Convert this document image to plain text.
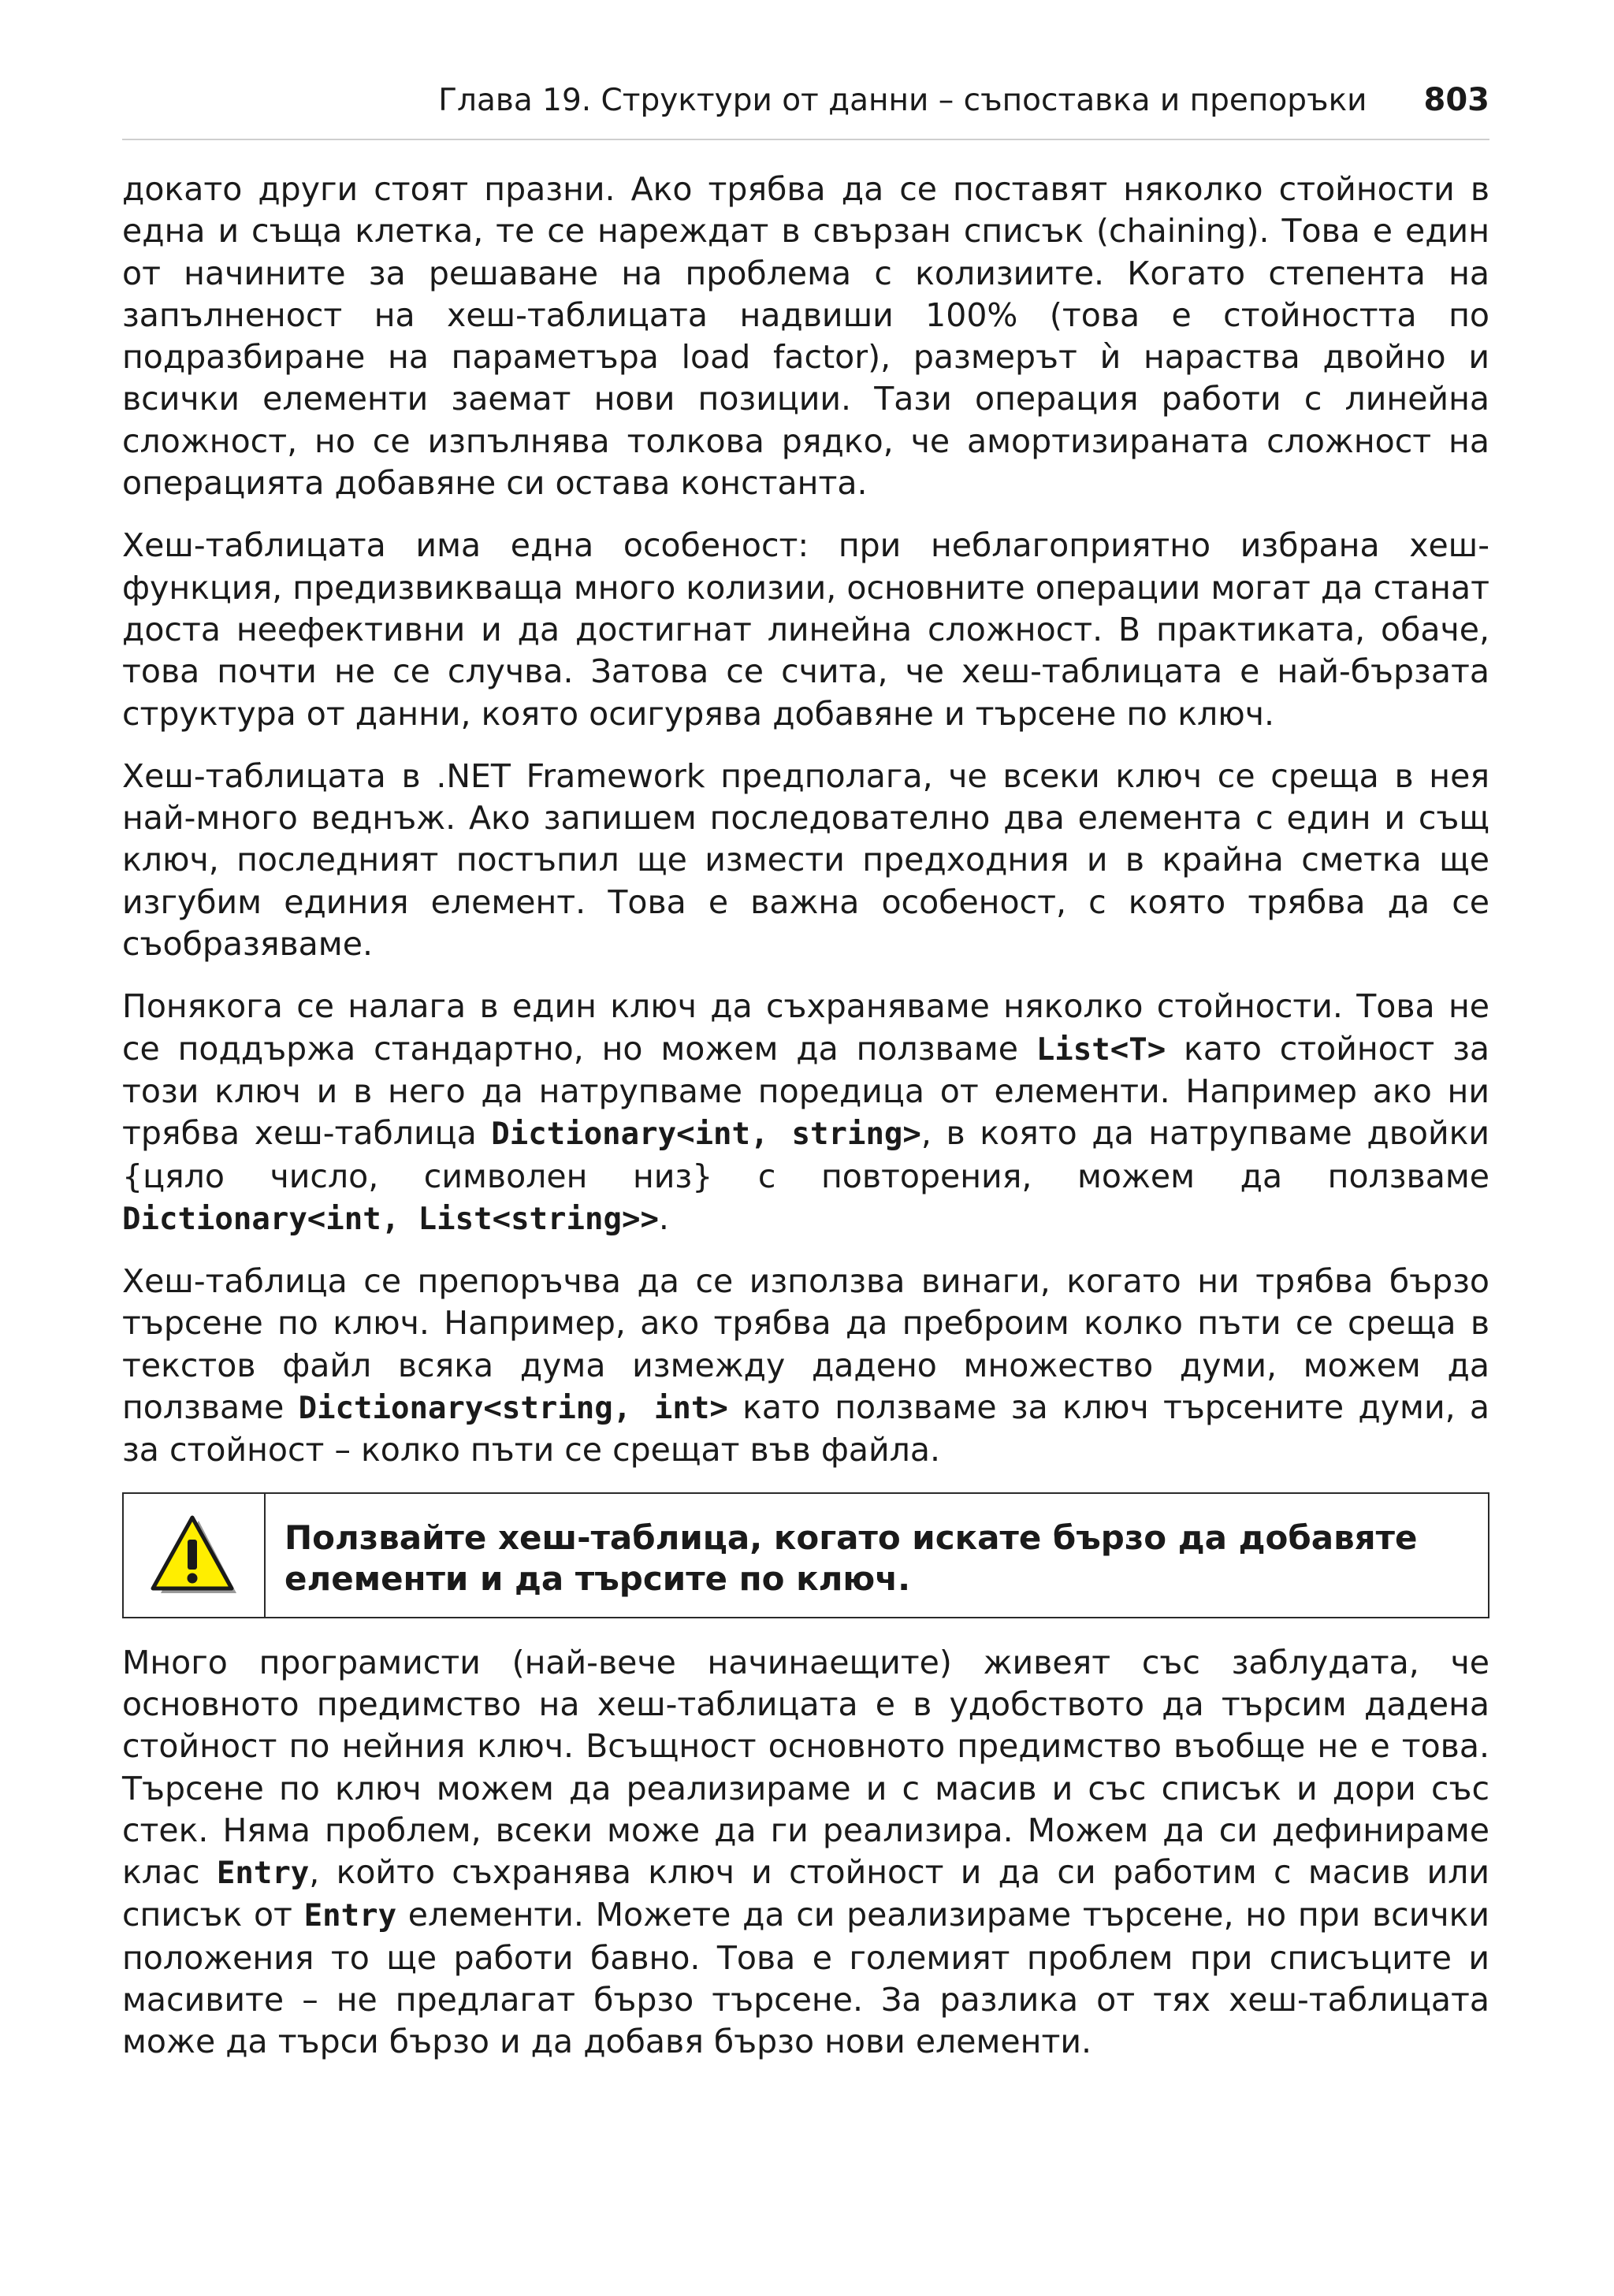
Глава 19. Структури от данни – съпоставка и препоръки 803

докато други стоят празни. Ако трябва да се поставят няколко стойности в една и съща клетка, те се нареждат в свързан списък (chaining). Това е един от начините за решаване на проблема с колизиите. Когато степента на запълненост на хеш-таблицата надвиши 100% (това е стойността по подразбиране на параметъра load factor), размерът ѝ нараства двойно и всички елементи заемат нови позиции. Тази операция работи с линейна сложност, но се изпълнява толкова рядко, че амортизираната сложност на операцията добавяне си остава константа.

Хеш-таблицата има една особеност: при неблагоприятно избрана хеш-функция, предизвикваща много колизии, основните операции могат да станат доста неефективни и да достигнат линейна сложност. В практиката, обаче, това почти не се случва. Затова се счита, че хеш-таблицата е най-бързата структура от данни, която осигурява добавяне и търсене по ключ.

Хеш-таблицата в .NET Framework предполага, че всеки ключ се среща в нея най-много веднъж. Ако запишем последователно два елемента с един и същ ключ, последният постъпил ще измести предходния и в крайна сметка ще изгубим единия елемент. Това е важна особеност, с която трябва да се съобразяваме.

Понякога се налага в един ключ да съхраняваме няколко стойности. Това не се поддържа стандартно, но можем да ползваме List<T> като стойност за този ключ и в него да натрупваме поредица от елементи. Например ако ни трябва хеш-таблица Dictionary<int, string>, в която да натрупваме двойки {цяло число, символен низ} с повторения, можем да ползваме Dictionary<int, List<string>>.

Хеш-таблица се препоръчва да се използва винаги, когато ни трябва бързо търсене по ключ. Например, ако трябва да преброим колко пъти се среща в текстов файл всяка дума измежду дадено множество думи, можем да ползваме Dictionary<string, int> като ползваме за ключ търсените думи, а за стойност – колко пъти се срещат във файла.

Ползвайте хеш-таблица, когато искате бързо да добавяте елементи и да търсите по ключ.

Много програмисти (най-вече начинаещите) живеят със заблудата, че основното предимство на хеш-таблицата е в удобството да търсим дадена стойност по нейния ключ. Всъщност основното предимство въобще не е това. Търсене по ключ можем да реализираме и с масив и със списък и дори със стек. Няма проблем, всеки може да ги реализира. Можем да си дефинираме клас Entry, който съхранява ключ и стойност и да си работим с масив или списък от Entry елементи. Можете да си реализираме търсене, но при всички положения то ще работи бавно. Това е големият проблем при списъците и масивите – не предлагат бързо търсене. За разлика от тях хеш-таблицата може да търси бързо и да добавя бързо нови елементи.
